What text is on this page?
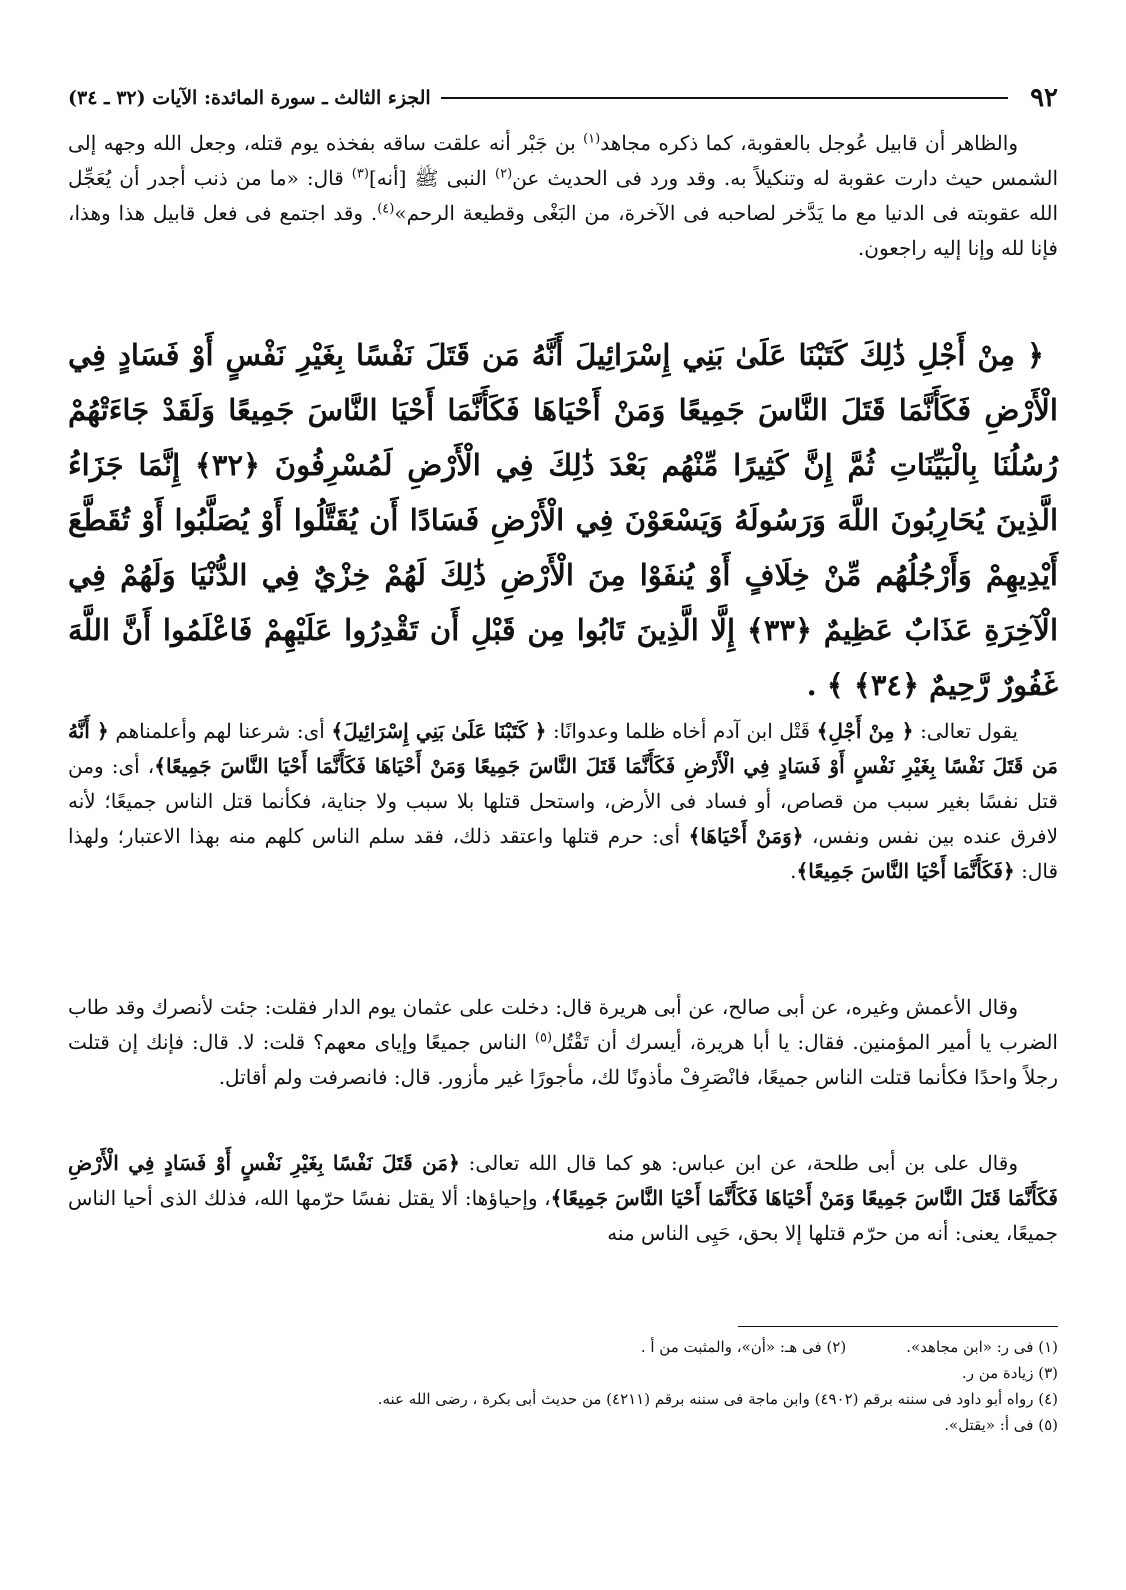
٩٢
الجزء الثالث ـ سورة المائدة: الآيات (٣٢ ـ ٣٤)

والظاهر أن قابيل عُوجل بالعقوبة، كما ذكره مجاهد$^{(١)}$ بن جَبْر أنه علقت ساقه بفخذه يوم قتله، وجعل الله وجهه إلى الشمس حيث دارت عقوبة له وتنكيلاً به. وقد ورد فى الحديث عن$^{(٢)}$ النبى ﷺ [أنه]$^{(٣)}$ قال: «ما من ذنب أجدر أن يُعَجِّل الله عقوبته فى الدنيا مع ما يَدَّخر لصاحبه فى الآخرة، من البَغْى وقطيعة الرحم»$^{(٤)}$. وقد اجتمع فى فعل قابيل هذا وهذا، فإنا لله وإنا إليه راجعون.

﴿ مِنْ أَجْلِ ذَٰلِكَ كَتَبْنَا عَلَىٰ بَنِي إِسْرَائِيلَ أَنَّهُ مَن قَتَلَ نَفْسًا بِغَيْرِ نَفْسٍ أَوْ فَسَادٍ فِي الْأَرْضِ فَكَأَنَّمَا قَتَلَ النَّاسَ جَمِيعًا وَمَنْ أَحْيَاهَا فَكَأَنَّمَا أَحْيَا النَّاسَ جَمِيعًا وَلَقَدْ جَاءَتْهُمْ رُسُلُنَا بِالْبَيِّنَاتِ ثُمَّ إِنَّ كَثِيرًا مِّنْهُم بَعْدَ ذَٰلِكَ فِي الْأَرْضِ لَمُسْرِفُونَ ﴿٣٢﴾ إِنَّمَا جَزَاءُ الَّذِينَ يُحَارِبُونَ اللَّهَ وَرَسُولَهُ وَيَسْعَوْنَ فِي الْأَرْضِ فَسَادًا أَن يُقَتَّلُوا أَوْ يُصَلَّبُوا أَوْ تُقَطَّعَ أَيْدِيهِمْ وَأَرْجُلُهُم مِّنْ خِلَافٍ أَوْ يُنفَوْا مِنَ الْأَرْضِ ذَٰلِكَ لَهُمْ خِزْيٌ فِي الدُّنْيَا وَلَهُمْ فِي الْآخِرَةِ عَذَابٌ عَظِيمٌ ﴿٣٣﴾ إِلَّا الَّذِينَ تَابُوا مِن قَبْلِ أَن تَقْدِرُوا عَلَيْهِمْ فَاعْلَمُوا أَنَّ اللَّهَ غَفُورٌ رَّحِيمٌ ﴿٣٤﴾ ﴾ .

يقول تعالى: ﴿ مِنْ أَجْلِ﴾ قَتْل ابن آدم أخاه ظلما وعدوانًا: ﴿ كَتَبْنَا عَلَىٰ بَنِي إِسْرَائِيلَ﴾ أى: شرعنا لهم وأعلمناهم ﴿ أَنَّهُ مَن قَتَلَ نَفْسًا بِغَيْرِ نَفْسٍ أَوْ فَسَادٍ فِي الْأَرْضِ فَكَأَنَّمَا قَتَلَ النَّاسَ جَمِيعًا وَمَنْ أَحْيَاهَا فَكَأَنَّمَا أَحْيَا النَّاسَ جَمِيعًا﴾، أى: ومن قتل نفسًا بغير سبب من قصاص، أو فساد فى الأرض، واستحل قتلها بلا سبب ولا جناية، فكأنما قتل الناس جميعًا؛ لأنه لافرق عنده بين نفس ونفس، ﴿وَمَنْ أَحْيَاهَا﴾ أى: حرم قتلها واعتقد ذلك، فقد سلم الناس كلهم منه بهذا الاعتبار؛ ولهذا قال: ﴿فَكَأَنَّمَا أَحْيَا النَّاسَ جَمِيعًا﴾.

وقال الأعمش وغيره، عن أبى صالح، عن أبى هريرة قال: دخلت على عثمان يوم الدار فقلت: جئت لأنصرك وقد طاب الضرب يا أمير المؤمنين. فقال: يا أبا هريرة، أيسرك أن تَقْتُل$^{(٥)}$ الناس جميعًا وإياى معهم؟ قلت: لا. قال: فإنك إن قتلت رجلاً واحدًا فكأنما قتلت الناس جميعًا، فانْصَرِفْ مأذونًا لك، مأجورًا غير مأزور. قال: فانصرفت ولم أقاتل.

وقال على بن أبى طلحة، عن ابن عباس: هو كما قال الله تعالى: ﴿مَن قَتَلَ نَفْسًا بِغَيْرِ نَفْسٍ أَوْ فَسَادٍ فِي الْأَرْضِ فَكَأَنَّمَا قَتَلَ النَّاسَ جَمِيعًا وَمَنْ أَحْيَاهَا فَكَأَنَّمَا أَحْيَا النَّاسَ جَمِيعًا﴾، وإحياؤها: ألا يقتل نفسًا حرّمها الله، فذلك الذى أحيا الناس جميعًا، يعنى: أنه من حرّم قتلها إلا بحق، حَيِى الناس منه

(١) فى ر: «ابن مجاهد».
(٢) فى هـ: «أن»، والمثبت من أ .
(٣) زيادة من ر.
(٤) رواه أبو داود فى سننه برقم (٤٩٠٢) وابن ماجة فى سننه برقم (٤٢١١) من حديث أبى بكرة ، رضى الله عنه.
(٥) فى أ: «يقتل».
